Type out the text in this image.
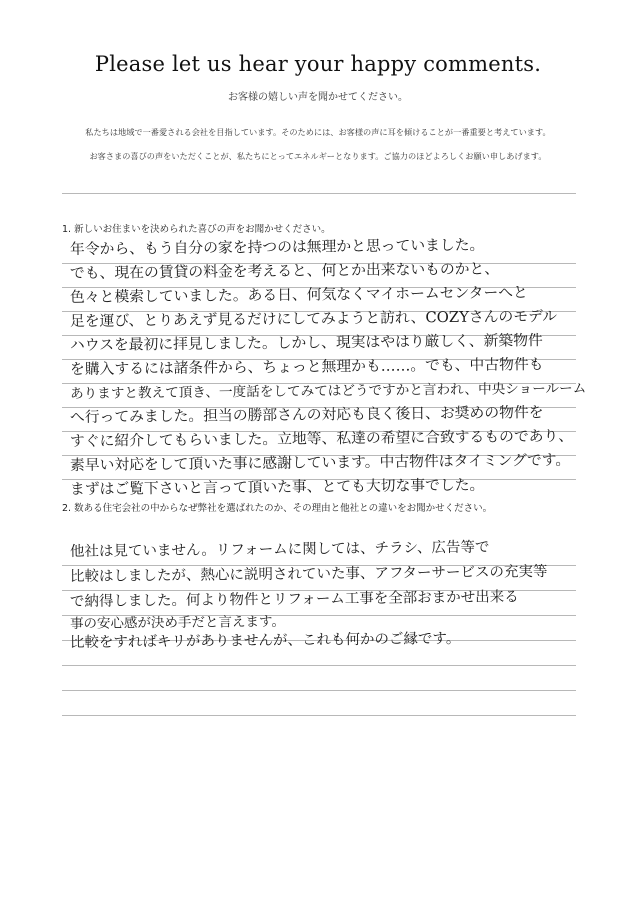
Please let us hear your happy comments.
お客様の嬉しい声を聞かせてください。
私たちは地域で一番愛される会社を目指しています。そのためには、お客様の声に耳を傾けることが一番重要と考えています。
お客さまの喜びの声をいただくことが、私たちにとってエネルギーとなります。ご協力のほどよろしくお願い申しあげます。
1. 新しいお住まいを決められた喜びの声をお聞かせください。
年令から、もう自分の家を持つのは無理かと思っていました。
でも、現在の賃貸の料金を考えると、何とか出来ないものかと、
色々と模索していました。ある日、何気なくマイホームセンターへと
足を運び、とりあえず見るだけにしてみようと訪れ、COZYさんのモデル
ハウスを最初に拝見しました。しかし、現実はやはり厳しく、新築物件
を購入するには諸条件から、ちょっと無理かも……。でも、中古物件も
ありますと教えて頂き、一度話をしてみてはどうですかと言われ、中央ショールーム
へ行ってみました。担当の勝部さんの対応も良く後日、お奨めの物件を
すぐに紹介してもらいました。立地等、私達の希望に合致するものであり、
素早い対応をして頂いた事に感謝しています。中古物件はタイミングです。
まずはご覧下さいと言って頂いた事、とても大切な事でした。
2. 数ある住宅会社の中からなぜ弊社を選ばれたのか、その理由と他社との違いをお聞かせください。
他社は見ていません。リフォームに関しては、チラシ、広告等で
比較はしましたが、熱心に説明されていた事、アフターサービスの充実等
で納得しました。何より物件とリフォーム工事を全部おまかせ出来る
事の安心感が決め手だと言えます。
比較をすればキリがありませんが、これも何かのご縁です。
